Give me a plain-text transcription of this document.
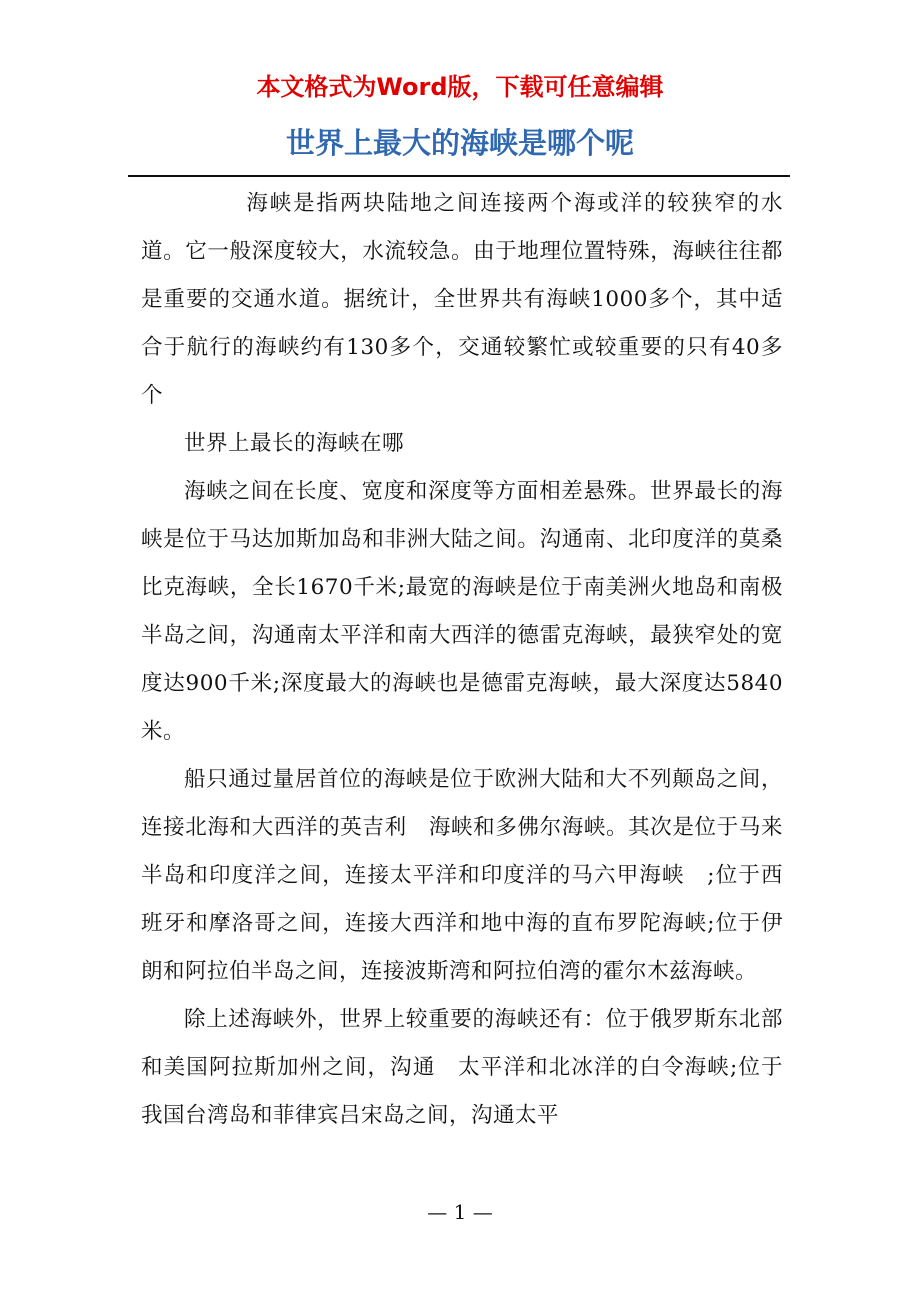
本文格式为Word版，下载可任意编辑
世界上最大的海峡是哪个呢

海峡是指两块陆地之间连接两个海或洋的较狭窄的水道。它一般深度较大，水流较急。由于地理位置特殊，海峡往往都是重要的交通水道。据统计，全世界共有海峡1000多个，其中适合于航行的海峡约有130多个，交通较繁忙或较重要的只有40多个

世界上最长的海峡在哪

海峡之间在长度、宽度和深度等方面相差悬殊。世界最长的海峡是位于马达加斯加岛和非洲大陆之间。沟通南、北印度洋的莫桑比克海峡，全长1670千米;最宽的海峡是位于南美洲火地岛和南极半岛之间，沟通南太平洋和南大西洋的德雷克海峡，最狭窄处的宽度达900千米;深度最大的海峡也是德雷克海峡，最大深度达5840米。

船只通过量居首位的海峡是位于欧洲大陆和大不列颠岛之间，连接北海和大西洋的英吉利　海峡和多佛尔海峡。其次是位于马来半岛和印度洋之间，连接太平洋和印度洋的马六甲海峡　;位于西班牙和摩洛哥之间，连接大西洋和地中海的直布罗陀海峡;位于伊朗和阿拉伯半岛之间，连接波斯湾和阿拉伯湾的霍尔木兹海峡。

除上述海峡外，世界上较重要的海峡还有：位于俄罗斯东北部和美国阿拉斯加州之间，沟通　太平洋和北冰洋的白令海峡;位于我国台湾岛和菲律宾吕宋岛之间，沟通太平

— 1 —
